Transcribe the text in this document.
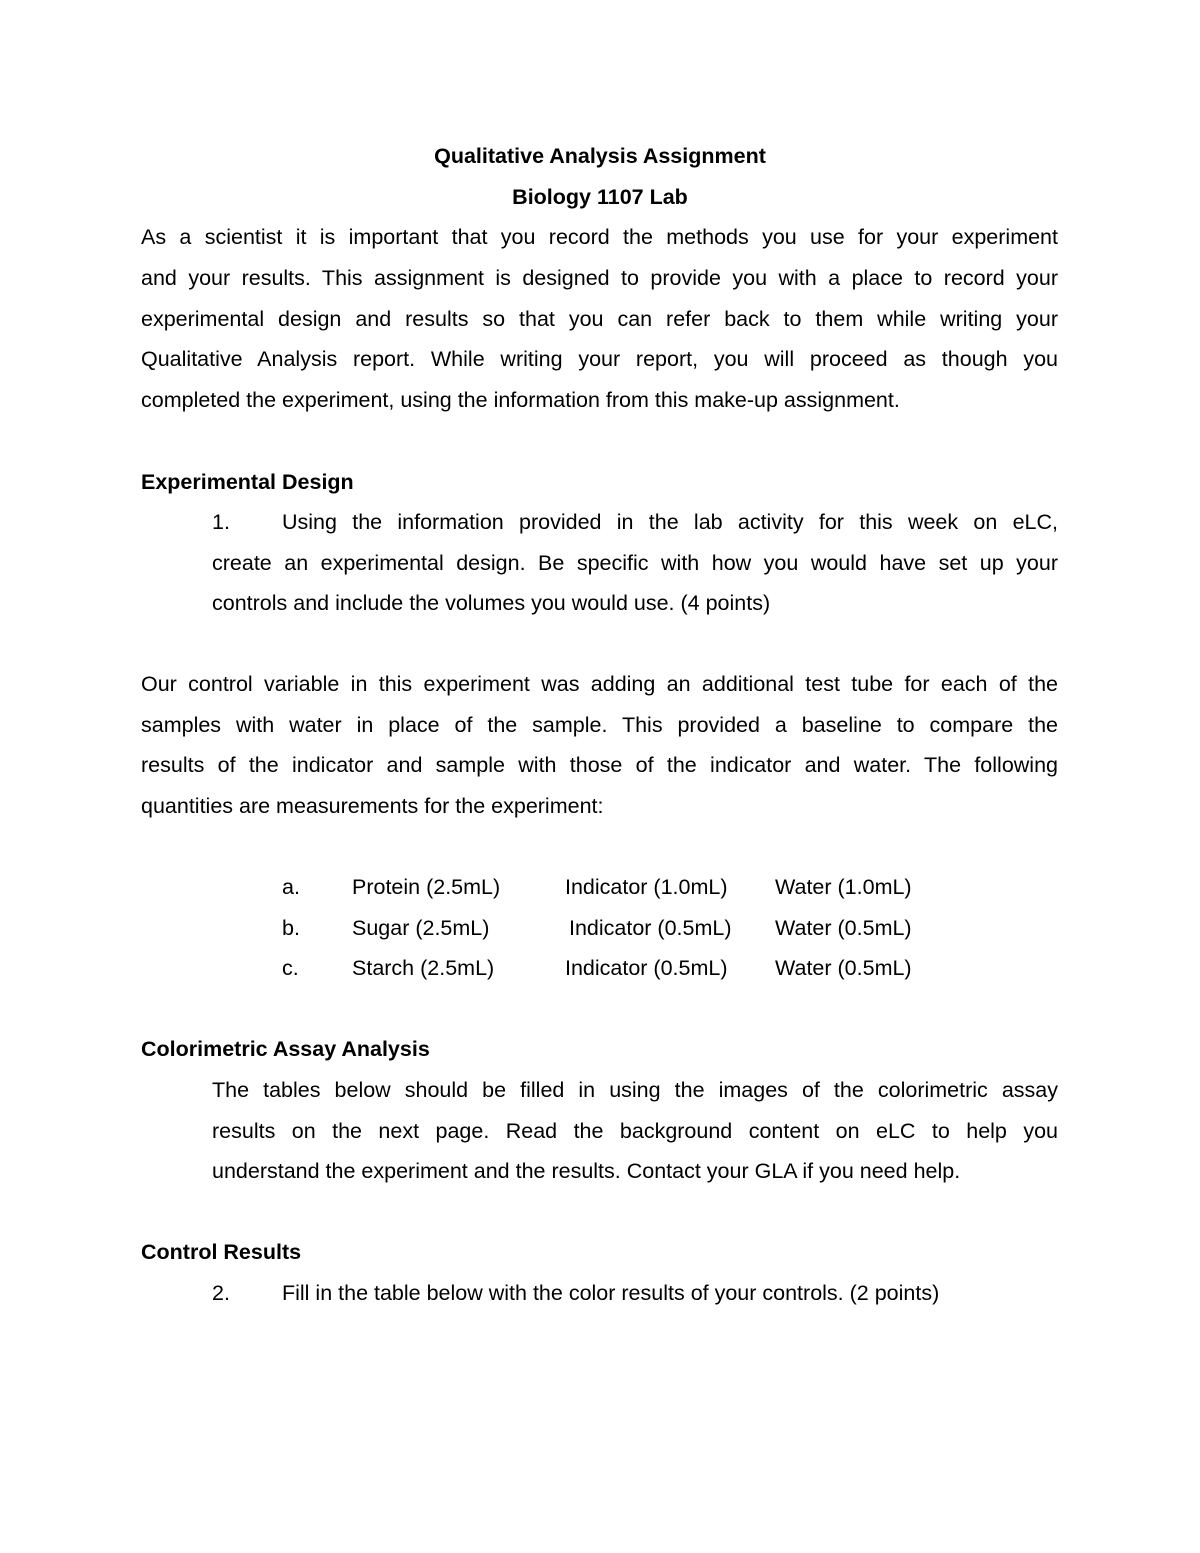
Qualitative Analysis Assignment
Biology 1107 Lab
As a scientist it is important that you record the methods you use for your experiment
and your results. This assignment is designed to provide you with a place to record your
experimental design and results so that you can refer back to them while writing your
Qualitative Analysis report. While writing your report, you will proceed as though you
completed the experiment, using the information from this make-up assignment.
Experimental Design
1. Using the information provided in the lab activity for this week on eLC,
create an experimental design. Be specific with how you would have set up your
controls and include the volumes you would use. (4 points)
Our control variable in this experiment was adding an additional test tube for each of the
samples with water in place of the sample. This provided a baseline to compare the
results of the indicator and sample with those of the indicator and water. The following
quantities are measurements for the experiment:
a. Protein (2.5mL)	Indicator (1.0mL) Water (1.0mL)
b. Sugar (2.5mL)	Indicator (0.5mL) Water (0.5mL)
c. Starch (2.5mL)	Indicator (0.5mL) Water (0.5mL)
Colorimetric Assay Analysis
The tables below should be filled in using the images of the colorimetric assay
results on the next page. Read the background content on eLC to help you
understand the experiment and the results. Contact your GLA if you need help.
Control Results
2. Fill in the table below with the color results of your controls. (2 points)
